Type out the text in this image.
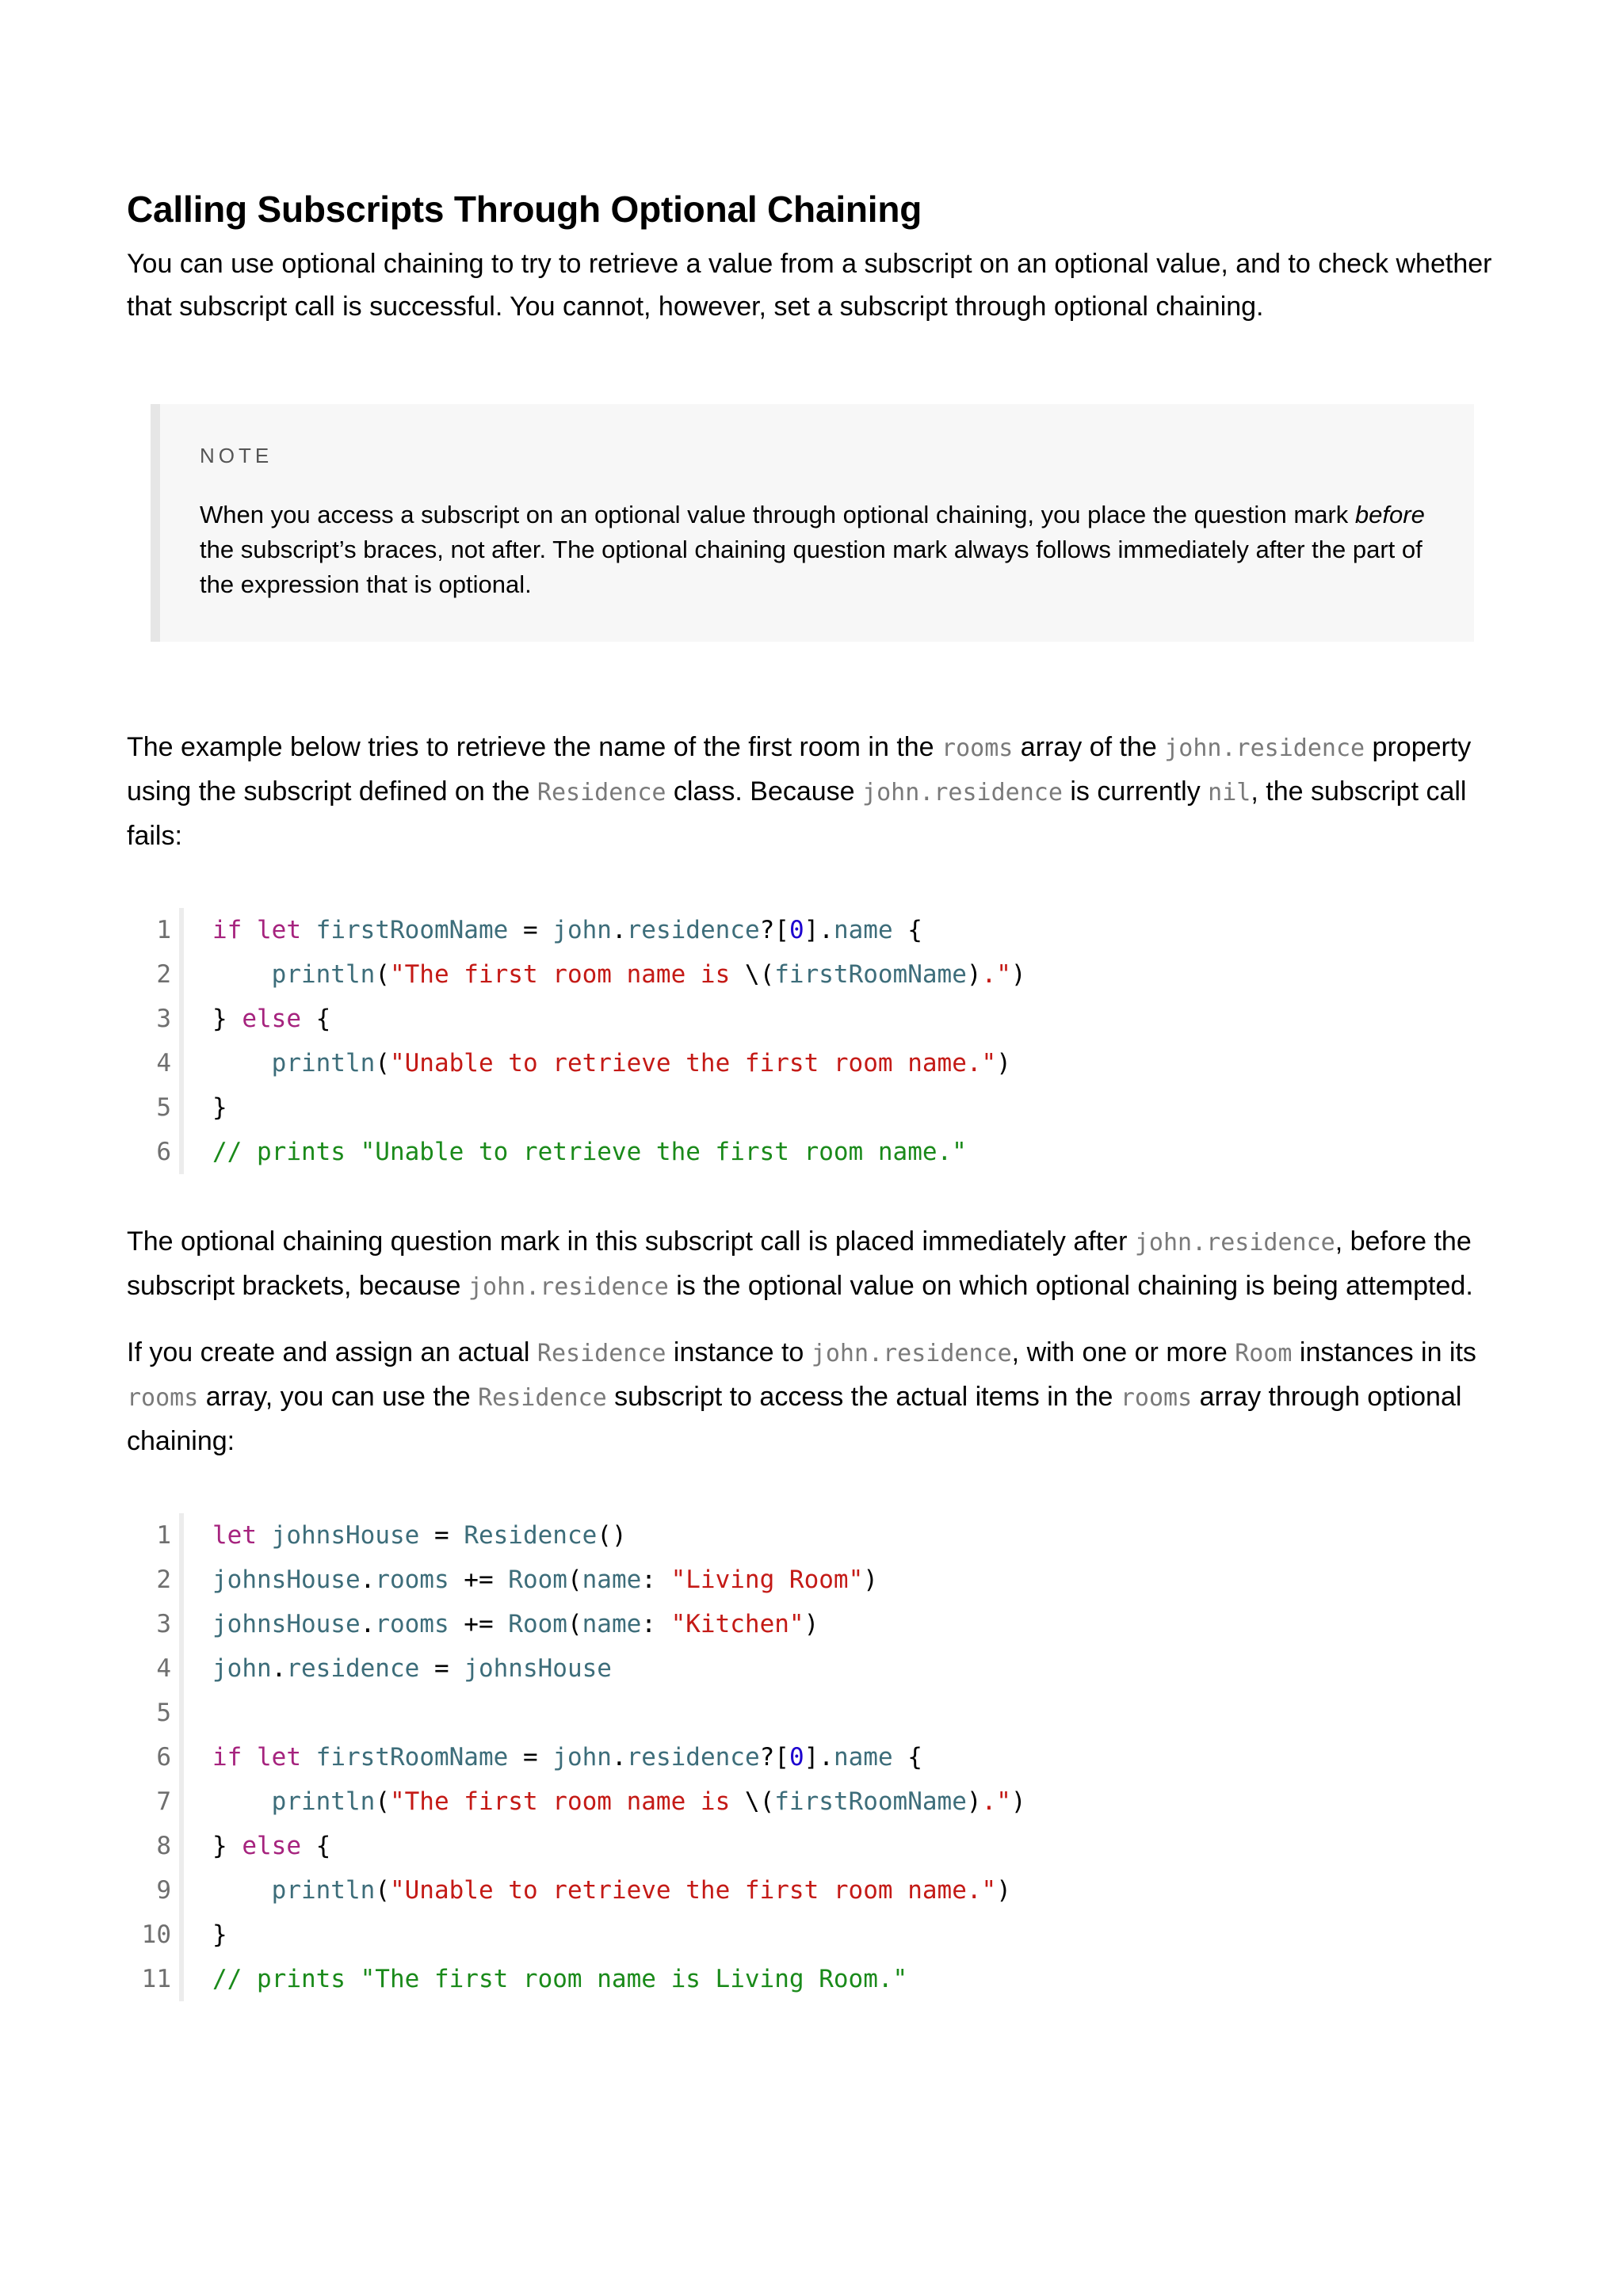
Calling Subscripts Through Optional Chaining

You can use optional chaining to try to retrieve a value from a subscript on an optional value, and to check whether that subscript call is successful. You cannot, however, set a subscript through optional chaining.

NOTE

When you access a subscript on an optional value through optional chaining, you place the question mark before the subscript’s braces, not after. The optional chaining question mark always follows immediately after the part of the expression that is optional.

The example below tries to retrieve the name of the first room in the rooms array of the john.residence property using the subscript defined on the Residence class. Because john.residence is currently nil, the subscript call fails:

1 if let firstRoomName = john.residence?[0].name {
2	println("The first room name is \(firstRoomName).")
3 } else {
4	println("Unable to retrieve the first room name.")
5 }
6 // prints "Unable to retrieve the first room name."

The optional chaining question mark in this subscript call is placed immediately after john.residence, before the subscript brackets, because john.residence is the optional value on which optional chaining is being attempted.

If you create and assign an actual Residence instance to john.residence, with one or more Room instances in its rooms array, you can use the Residence subscript to access the actual items in the rooms array through optional chaining:

1 let johnsHouse = Residence()
2 johnsHouse.rooms += Room(name: "Living Room")
3 johnsHouse.rooms += Room(name: "Kitchen")
4 john.residence = johnsHouse
5
6 if let firstRoomName = john.residence?[0].name {
7	println("The first room name is \(firstRoomName).")
8 } else {
9	println("Unable to retrieve the first room name.")
10 }
11 // prints "The first room name is Living Room."
